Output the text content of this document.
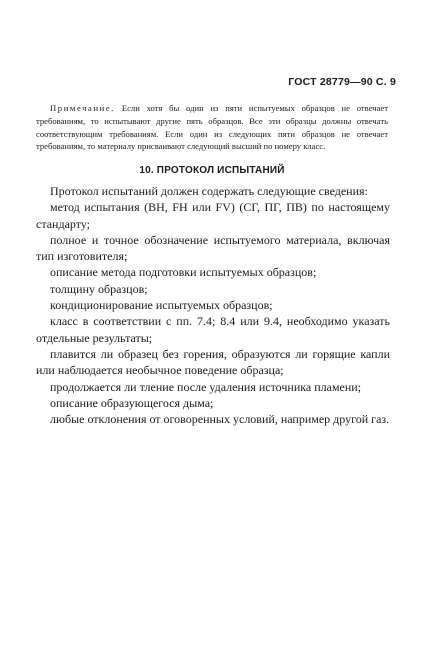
ГОСТ 28779—90 С. 9
Примечание. Если хотя бы один из пяти испытуемых образцов не отвечает требованиям, то испытывают другие пять образцов. Все эти образцы должны отвечать соответствующим требованиям. Если один из следующих пяти образцов не отвечает требованиям, то материалу присваивают следующий высший по номеру класс.
10. ПРОТОКОЛ ИСПЫТАНИЙ

Протокол испытаний должен содержать следующие сведения:

метод испытания (ВН, FH или FV) (СГ, ПГ, ПВ) по настоящему стандарту;

полное и точное обозначение испытуемого материала, включая тип изготовителя;

описание метода подготовки испытуемых образцов;

толщину образцов;

кондиционирование испытуемых образцов;

класс в соответствии с пп. 7.4; 8.4 или 9.4, необходимо указать отдельные результаты;

плавится ли образец без горения, образуются ли горящие капли или наблюдается необычное поведение образца;

продолжается ли тление после удаления источника пламени;

описание образующегося дыма;

любые отклонения от оговоренных условий, например другой газ.
